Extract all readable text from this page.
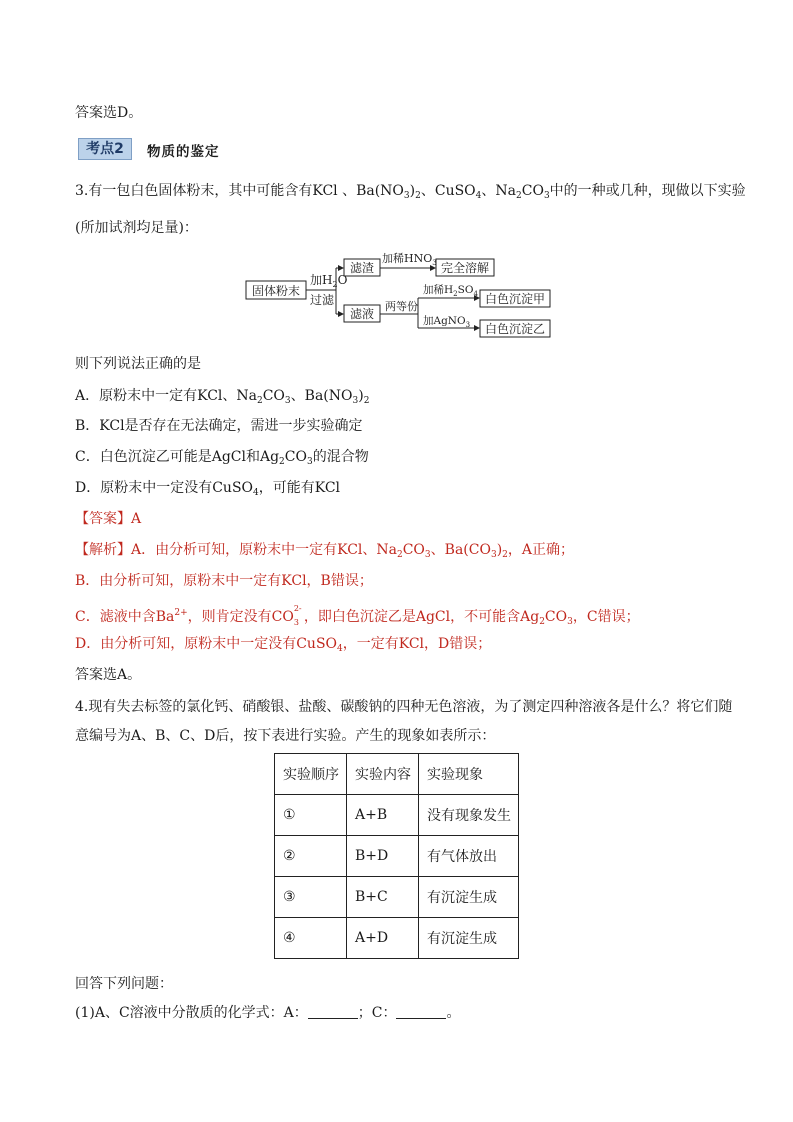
答案选D。
考点2	物质的鉴定
3.有一包白色固体粉末，其中可能含有KCl 、$Ba(NO_3)_2$、CuSO$_4$、$Na_2CO_3$中的一种或几种，现做以下实验
(所加试剂均足量)：
固体粉末
加$H_2O$
过滤
滤渣
滤液
加稀$HNO_3$ 完全溶解
两等份
加稀$H_2SO_4$ 白色沉淀甲
加AgNO$_3$ 白色沉淀乙
则下列说法正确的是
A．原粉末中一定有KCl、$Na_2CO_3$、$Ba(NO_3)_2$
B．KCl是否存在无法确定，需进一步实验确定
C．白色沉淀乙可能是AgCl和$Ag_2CO_3$的混合物
D．原粉末中一定没有CuSO$_4$，可能有KCl
【答案】A
【解析】A．由分析可知，原粉末中一定有KCl、$Na_2CO_3$、$Ba(CO_3)_2$，A正确；
B．由分析可知，原粉末中一定有KCl，B错误；
C．滤液中含$Ba^{2+}$，则肯定没有CO
2-
3 ，即白色沉淀乙是AgCl，不可能含$Ag_2CO_3$，C错误；
D．由分析可知，原粉末中一定没有CuSO$_4$，一定有KCl，D错误；
答案选A。
4.现有失去标签的氯化钙、硝酸银、盐酸、碳酸钠的四种无色溶液，为了测定四种溶液各是什么？将它们随
意编号为A、B、C、D后，按下表进行实验。产生的现象如表所示：
实验顺序	实验内容	实验现象
①	A+B	没有现象发生
②	B+D	有气体放出
③	B+C	有沉淀生成
④	A+D	有沉淀生成
回答下列问题：
(1)A、C溶液中分散质的化学式：A：	；C：	。
